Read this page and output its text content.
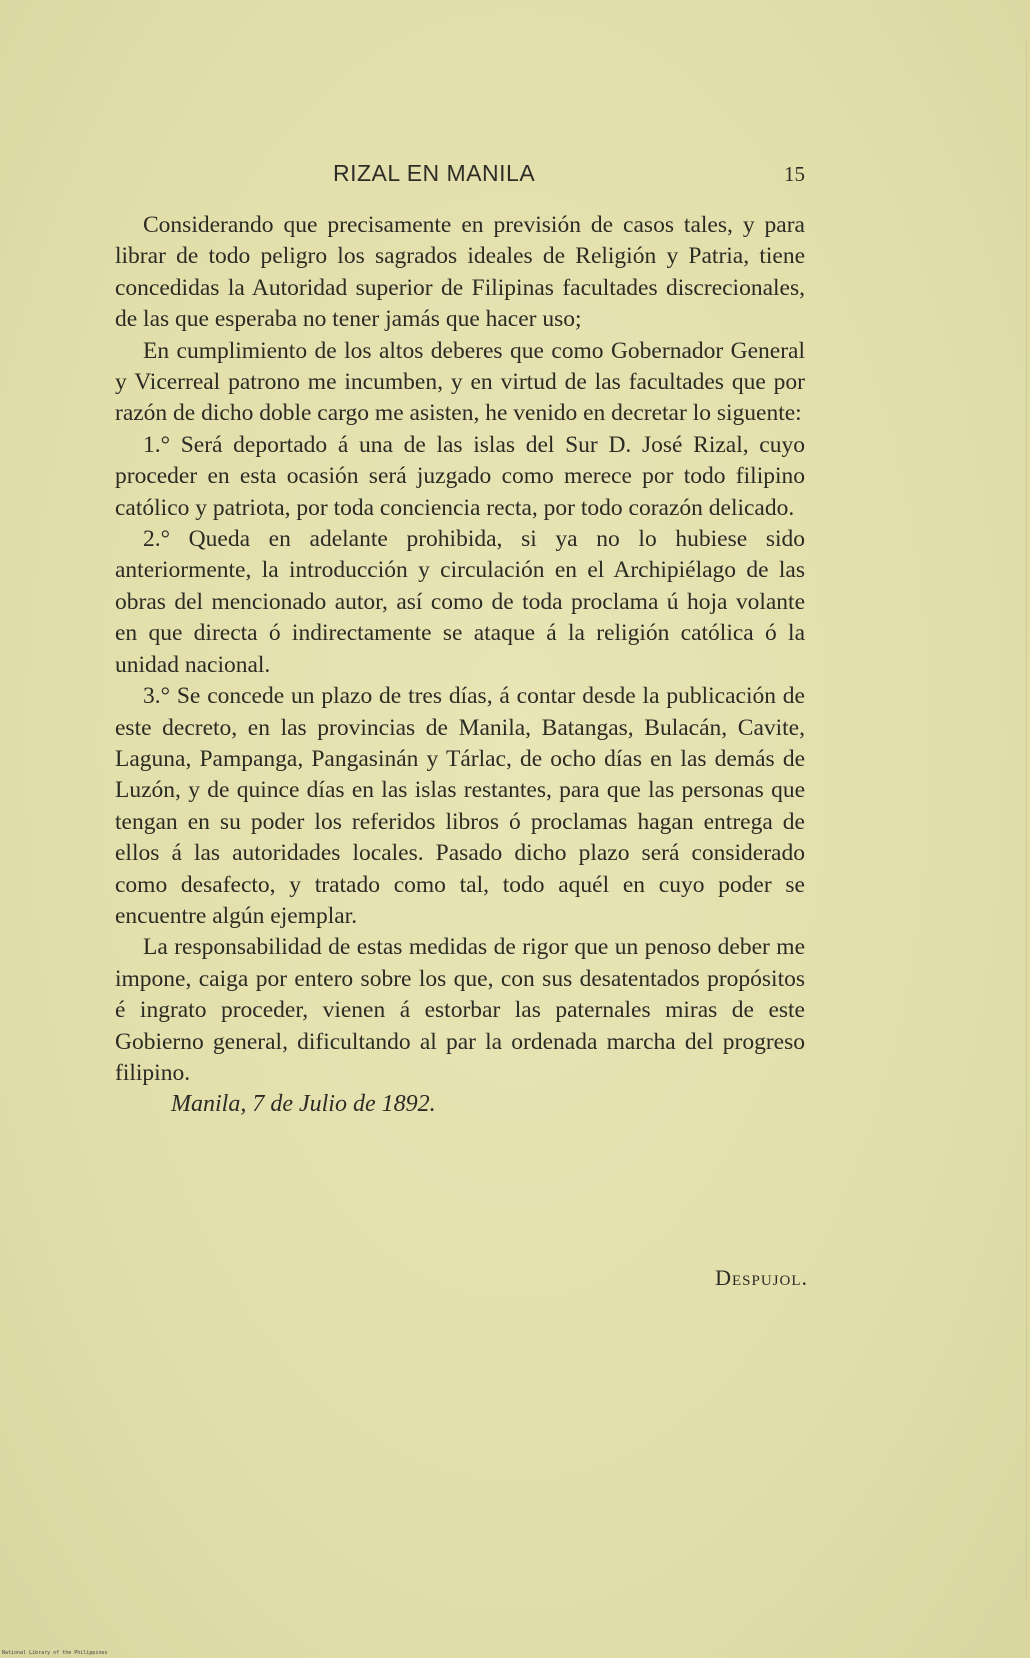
RIZAL EN MANILA	15

Considerando que precisamente en previsión de casos tales, y para librar de todo peligro los sagrados ideales de Religión y Patria, tiene concedidas la Autoridad superior de Filipinas facultades discrecionales, de las que esperaba no tener jamás que hacer uso;

En cumplimiento de los altos deberes que como Gobernador General y Vicerreal patrono me incumben, y en virtud de las facultades que por razón de dicho doble cargo me asisten, he venido en decretar lo siguente:

1.° Será deportado á una de las islas del Sur D. José Rizal, cuyo proceder en esta ocasión será juzgado como merece por todo filipino católico y patriota, por toda conciencia recta, por todo corazón delicado.

2.° Queda en adelante prohibida, si ya no lo hubiese sido anteriormente, la introducción y circulación en el Archipiélago de las obras del mencionado autor, así como de toda proclama ú hoja volante en que directa ó indirectamente se ataque á la religión católica ó la unidad nacional.

3.° Se concede un plazo de tres días, á contar desde la publicación de este decreto, en las provincias de Manila, Batangas, Bulacán, Cavite, Laguna, Pampanga, Pangasinán y Tárlac, de ocho días en las demás de Luzón, y de quince días en las islas restantes, para que las personas que tengan en su poder los referidos libros ó proclamas hagan entrega de ellos á las autoridades locales. Pasado dicho plazo será considerado como desafecto, y tratado como tal, todo aquél en cuyo poder se encuentre algún ejemplar.

La responsabilidad de estas medidas de rigor que un penoso deber me impone, caiga por entero sobre los que, con sus desatentados propósitos é ingrato proceder, vienen á estorbar las paternales miras de este Gobierno general, dificultando al par la ordenada marcha del progreso filipino.

Manila, 7 de Julio de 1892.

Despujol.
National Library of the Philippines
